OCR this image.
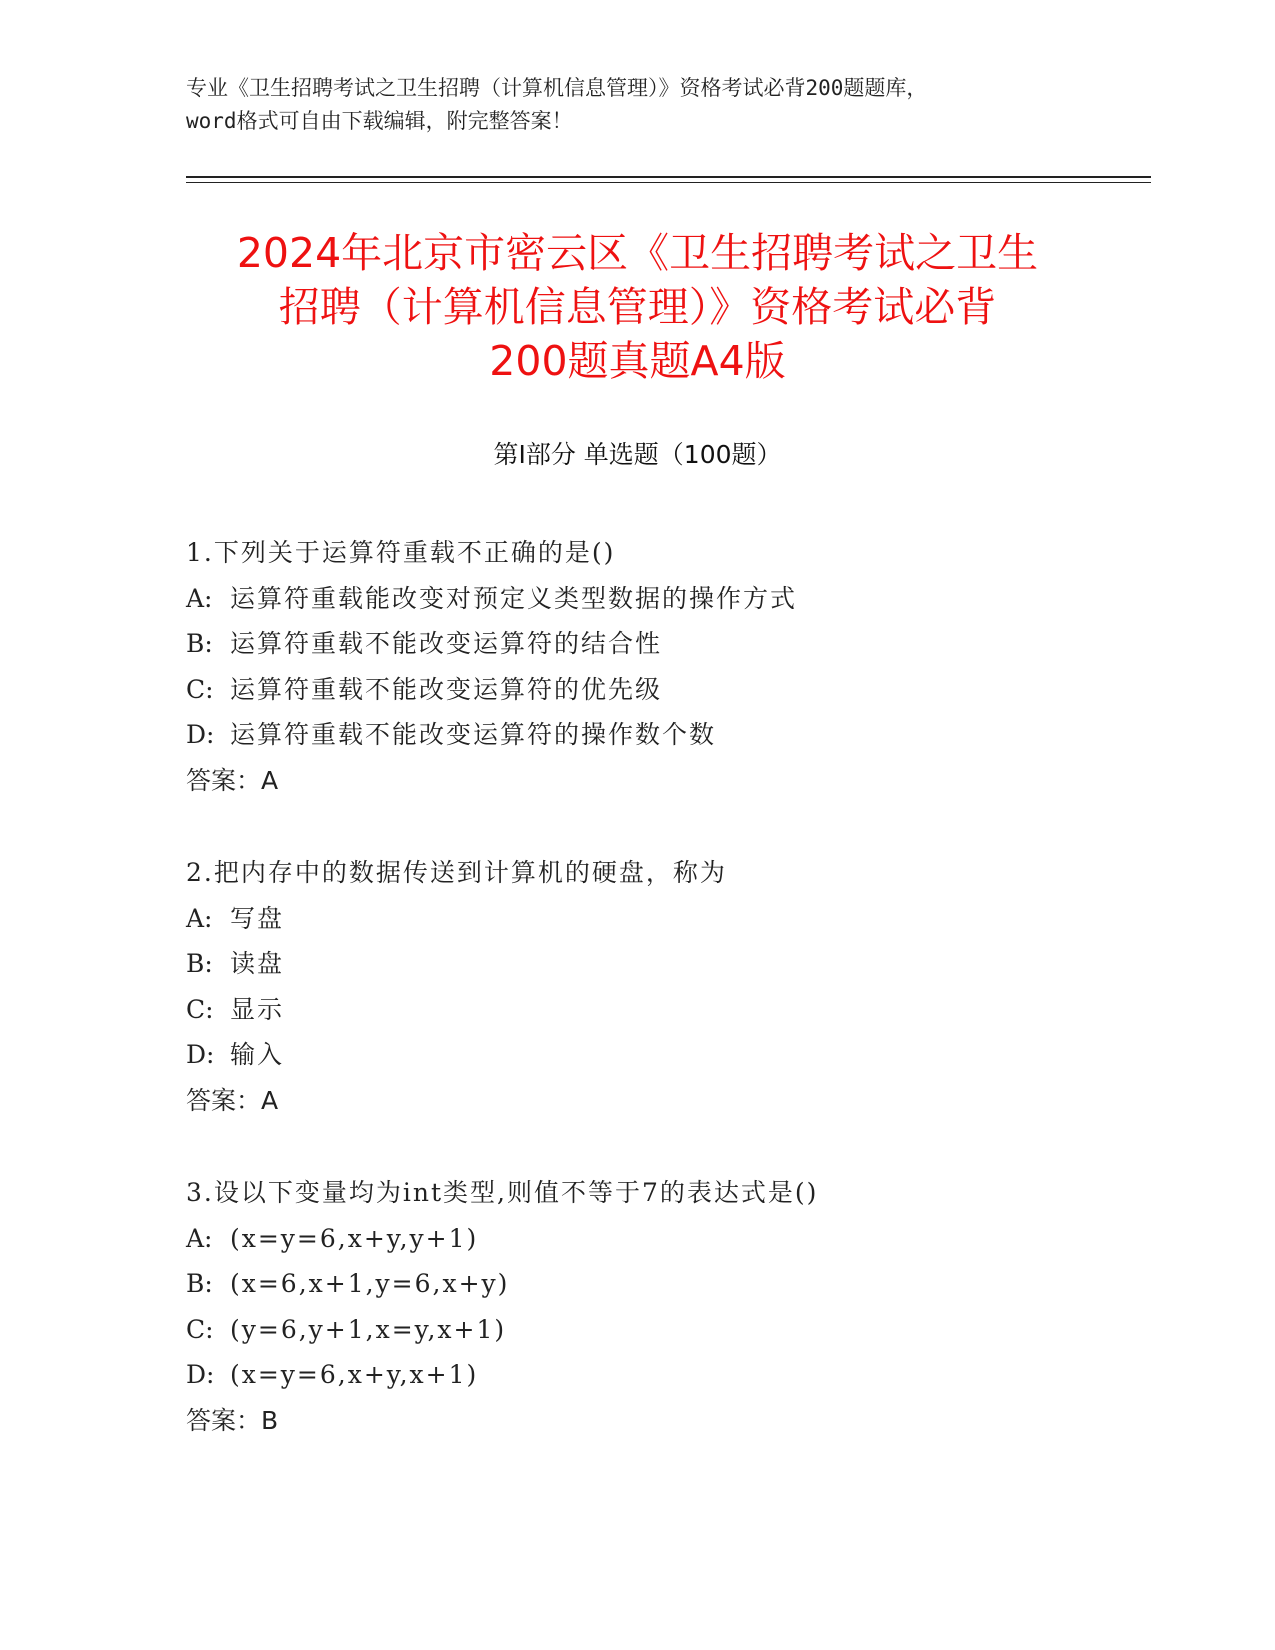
专业《卫生招聘考试之卫生招聘（计算机信息管理）》资格考试必背200题题库，
word格式可自由下载编辑，附完整答案！
2024年北京市密云区《卫生招聘考试之卫生
招聘（计算机信息管理）》资格考试必背
200题真题A4版
第Ⅰ部分 单选题（100题）
1.下列关于运算符重载不正确的是()
A: 运算符重载能改变对预定义类型数据的操作方式
B: 运算符重载不能改变运算符的结合性
C: 运算符重载不能改变运算符的优先级
D: 运算符重载不能改变运算符的操作数个数
答案：A
2.把内存中的数据传送到计算机的硬盘，称为
A: 写盘
B: 读盘
C: 显示
D: 输入
答案：A
3.设以下变量均为int类型,则值不等于7的表达式是()
A: (x=y=6,x+y,y+1)
B: (x=6,x+1,y=6,x+y)
C: (y=6,y+1,x=y,x+1)
D: (x=y=6,x+y,x+1)
答案：B
